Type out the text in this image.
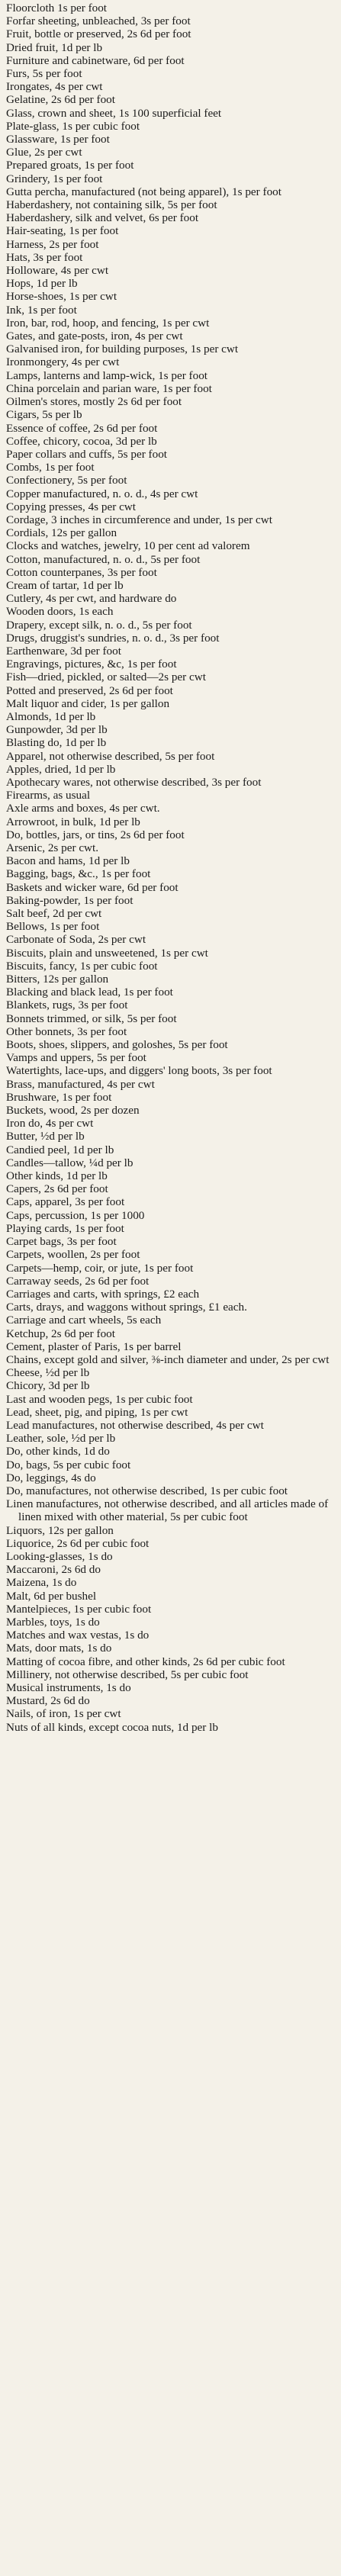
Floorcloth 1s per foot

Forfar sheeting, unbleached, 3s per foot

Fruit, bottle or preserved, 2s 6d per foot

Dried fruit, 1d per lb

Furniture and cabinetware, 6d per foot

Furs, 5s per foot

Irongates, 4s per cwt

Gelatine, 2s 6d per foot

Glass, crown and sheet, 1s 100 superficial feet

Plate-glass, 1s per cubic foot

Glassware, 1s per foot

Glue, 2s per cwt

Prepared groats, 1s per foot

Grindery, 1s per foot

Gutta percha, manufactured (not being apparel), 1s per foot

Haberdashery, not containing silk, 5s per foot

Haberdashery, silk and velvet, 6s per foot

Hair-seating, 1s per foot

Harness, 2s per foot

Hats, 3s per foot

Holloware, 4s per cwt

Hops, 1d per lb

Horse-shoes, 1s per cwt

Ink, 1s per foot

Iron, bar, rod, hoop, and fencing, 1s per cwt

Gates, and gate-posts, iron, 4s per cwt

Galvanised iron, for building purposes, 1s per cwt

Ironmongery, 4s per cwt

Lamps, lanterns and lamp-wick, 1s per foot

China porcelain and parian ware, 1s per foot

Oilmen's stores, mostly 2s 6d per foot

Cigars, 5s per lb

Essence of coffee, 2s 6d per foot

Coffee, chicory, cocoa, 3d per lb

Paper collars and cuffs, 5s per foot

Combs, 1s per foot

Confectionery, 5s per foot

Copper manufactured, n. o. d., 4s per cwt

Copying presses, 4s per cwt

Cordage, 3 inches in circumference and under, 1s per cwt

Cordials, 12s per gallon

Clocks and watches, jewelry, 10 per cent ad valorem

Cotton, manufactured, n. o. d., 5s per foot

Cotton counterpanes, 3s per foot

Cream of tartar, 1d per lb

Cutlery, 4s per cwt, and hardware do

Wooden doors, 1s each

Drapery, except silk, n. o. d., 5s per foot

Drugs, druggist's sundries, n. o. d., 3s per foot

Earthenware, 3d per foot

Engravings, pictures, &c, 1s per foot

Fish—dried, pickled, or salted—2s per cwt

Potted and preserved, 2s 6d per foot

Malt liquor and cider, 1s per gallon

Almonds, 1d per lb

Gunpowder, 3d per lb

Blasting do, 1d per lb

Apparel, not otherwise described, 5s per foot

Apples, dried, 1d per lb

Apothecary wares, not otherwise described, 3s per foot

Firearms, as usual

Axle arms and boxes, 4s per cwt.

Arrowroot, in bulk, 1d per lb

Do, bottles, jars, or tins, 2s 6d per foot

Arsenic, 2s per cwt.

Bacon and hams, 1d per lb

Bagging, bags, &c., 1s per foot

Baskets and wicker ware, 6d per foot

Baking-powder, 1s per foot

Salt beef, 2d per cwt

Bellows, 1s per foot

Carbonate of Soda, 2s per cwt

Biscuits, plain and unsweetened, 1s per cwt

Biscuits, fancy, 1s per cubic foot

Bitters, 12s per gallon

Blacking and black lead, 1s per foot

Blankets, rugs, 3s per foot

Bonnets trimmed, or silk, 5s per foot

Other bonnets, 3s per foot

Boots, shoes, slippers, and goloshes, 5s per foot

Vamps and uppers, 5s per foot

Watertights, lace-ups, and diggers' long boots, 3s per foot

Brass, manufactured, 4s per cwt

Brushware, 1s per foot

Buckets, wood, 2s per dozen

Iron do, 4s per cwt

Butter, ½d per lb

Candied peel, 1d per lb

Candles—tallow, ¼d per lb

Other kinds, 1d per lb

Capers, 2s 6d per foot

Caps, apparel, 3s per foot

Caps, percussion, 1s per 1000

Playing cards, 1s per foot

Carpet bags, 3s per foot

Carpets, woollen, 2s per foot

Carpets—hemp, coir, or jute, 1s per foot

Carraway seeds, 2s 6d per foot

Carriages and carts, with springs, £2 each

Carts, drays, and waggons without springs, £1 each.

Carriage and cart wheels, 5s each

Ketchup, 2s 6d per foot

Cement, plaster of Paris, 1s per barrel

Chains, except gold and silver, ⅜-inch diameter and under, 2s per cwt

Cheese, ½d per lb

Chicory, 3d per lb

Last and wooden pegs, 1s per cubic foot

Lead, sheet, pig, and piping, 1s per cwt

Lead manufactures, not otherwise described, 4s per cwt

Leather, sole, ½d per lb

Do, other kinds, 1d do

Do, bags, 5s per cubic foot

Do, leggings, 4s do

Do, manufactures, not otherwise described, 1s per cubic foot

Linen manufactures, not otherwise described, and all articles made of linen mixed with other material, 5s per cubic foot

Liquors, 12s per gallon

Liquorice, 2s 6d per cubic foot

Looking-glasses, 1s do

Maccaroni, 2s 6d do

Maizena, 1s do

Malt, 6d per bushel

Mantelpieces, 1s per cubic foot

Marbles, toys, 1s do

Matches and wax vestas, 1s do

Mats, door mats, 1s do

Matting of cocoa fibre, and other kinds, 2s 6d per cubic foot

Millinery, not otherwise described, 5s per cubic foot

Musical instruments, 1s do

Mustard, 2s 6d do

Nails, of iron, 1s per cwt

Nuts of all kinds, except cocoa nuts, 1d per lb
